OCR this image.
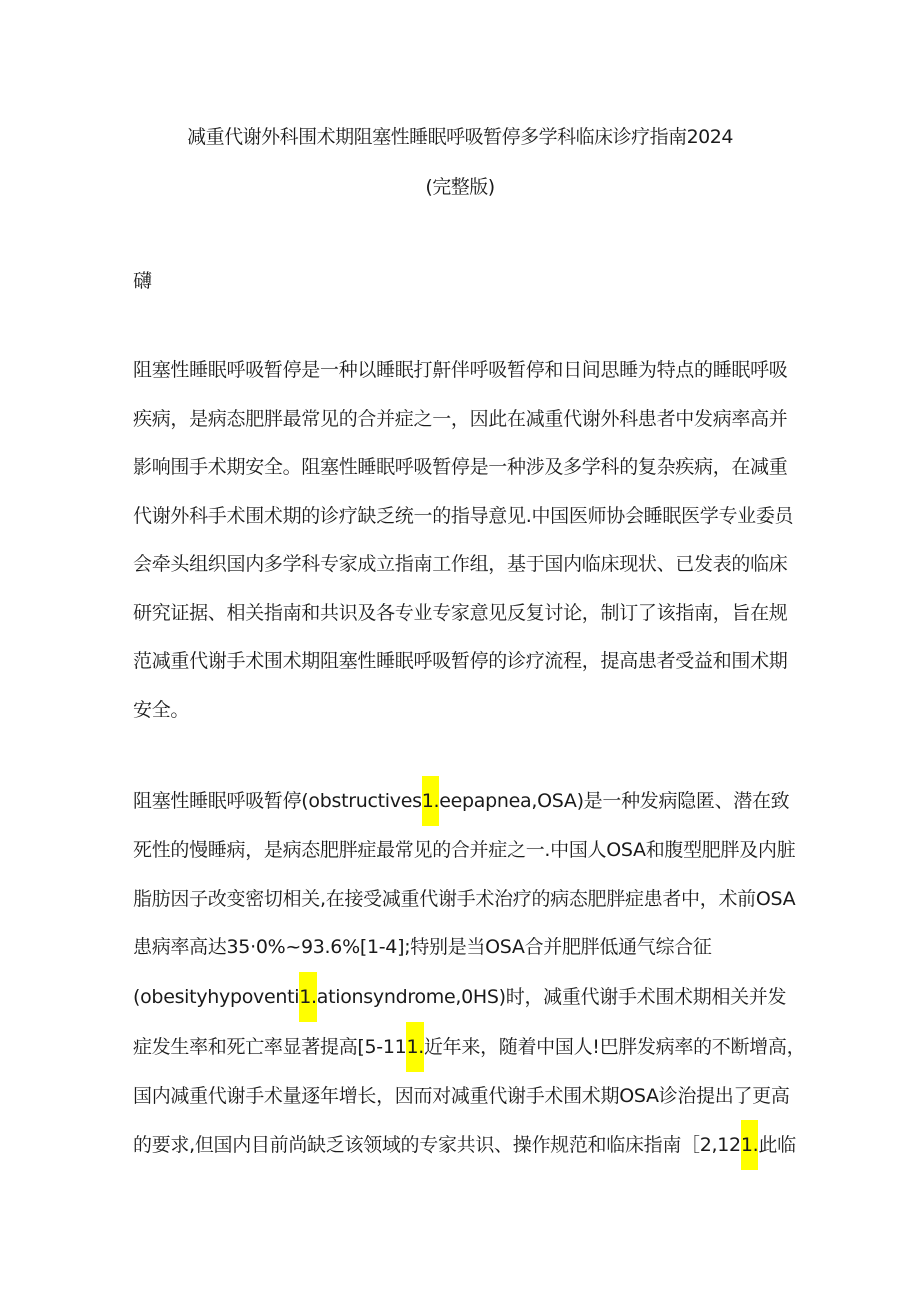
减重代谢外科围术期阻塞性睡眠呼吸暂停多学科临床诊疗指南2024
(完整版)
礴

阻塞性睡眠呼吸暂停是一种以睡眠打鼾伴呼吸暂停和日间思睡为特点的睡眠呼吸
疾病，是病态肥胖最常见的合并症之一，因此在减重代谢外科患者中发病率高并
影响围手术期安全。阻塞性睡眠呼吸暂停是一种涉及多学科的复杂疾病，在减重
代谢外科手术围术期的诊疗缺乏统一的指导意见.中国医师协会睡眠医学专业委员
会牵头组织国内多学科专家成立指南工作组，基于国内临床现状、已发表的临床
研究证据、相关指南和共识及各专业专家意见反复讨论，制订了该指南，旨在规
范减重代谢手术围术期阻塞性睡眠呼吸暂停的诊疗流程，提高患者受益和围术期
安全。

阻塞性睡眠呼吸暂停(obstructives1.eepapnea,OSA)是一种发病隐匿、潜在致
死性的慢睡病，是病态肥胖症最常见的合并症之一.中国人OSA和腹型肥胖及内脏
脂肪因子改变密切相关,在接受减重代谢手术治疗的病态肥胖症患者中，术前OSA
患病率高达35·0%~93.6%[1-4];特别是当OSA合并肥胖低通气综合征
(obesityhypoventi1.ationsyndrome,0HS)时，减重代谢手术围术期相关并发
症发生率和死亡率显著提高[5-111.近年来，随着中国人!巴胖发病率的不断增高，
国内减重代谢手术量逐年增长，因而对减重代谢手术围术期OSA诊治提出了更高
的要求,但国内目前尚缺乏该领域的专家共识、操作规范和临床指南［2,121.此临
